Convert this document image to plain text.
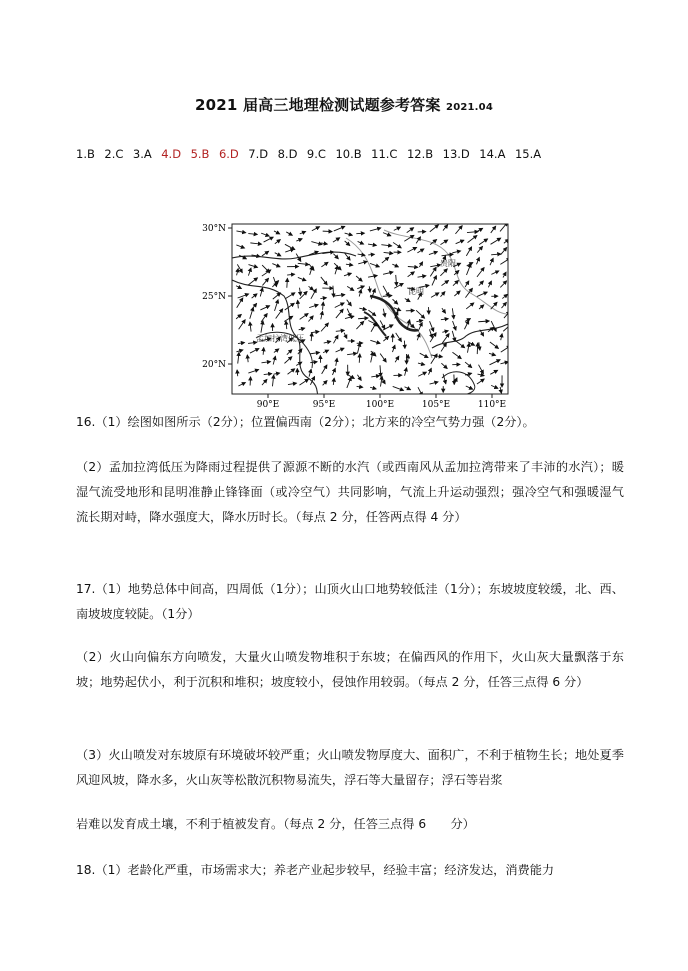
2021 届高三地理检测试题参考答案 2021.04
1.B 2.C 3.A 4.D 5.B 6.D 7.D 8.D 9.C 10.B 11.C 12.B 13.D 14.A 15.A
30°N
25°N
20°N
90°E	95°E	100°E	105°E	110°E
贵阳
昆明
孟加拉湾低压
16.（1）绘图如图所示（2分）；位置偏西南（2分）；北方来的冷空气势力强（2分）。
（2）孟加拉湾低压为降雨过程提供了源源不断的水汽（或西南风从孟加拉湾带来了丰沛的水汽）；暖湿气流受地形和昆明准静止锋锋面（或冷空气）共同影响，气流上升运动强烈；强冷空气和强暖湿气流长期对峙，降水强度大，降水历时长。（每点 2 分，任答两点得 4 分）
17.（1）地势总体中间高，四周低（1分）；山顶火山口地势较低洼（1分）；东坡坡度较缓，北、西、南坡坡度较陡。（1分）
（2）火山向偏东方向喷发，大量火山喷发物堆积于东坡；在偏西风的作用下，火山灰大量飘落于东坡；地势起伏小，利于沉积和堆积；坡度较小，侵蚀作用较弱。（每点 2 分，任答三点得 6 分）
（3）火山喷发对东坡原有环境破坏较严重；火山喷发物厚度大、面积广，不利于植物生长；地处夏季风迎风坡，降水多，火山灰等松散沉积物易流失，浮石等大量留存；浮石等岩浆
岩难以发育成土壤，不利于植被发育。（每点 2 分，任答三点得 6　　分）
18.（1）老龄化严重，市场需求大；养老产业起步较早，经验丰富；经济发达，消费能力
